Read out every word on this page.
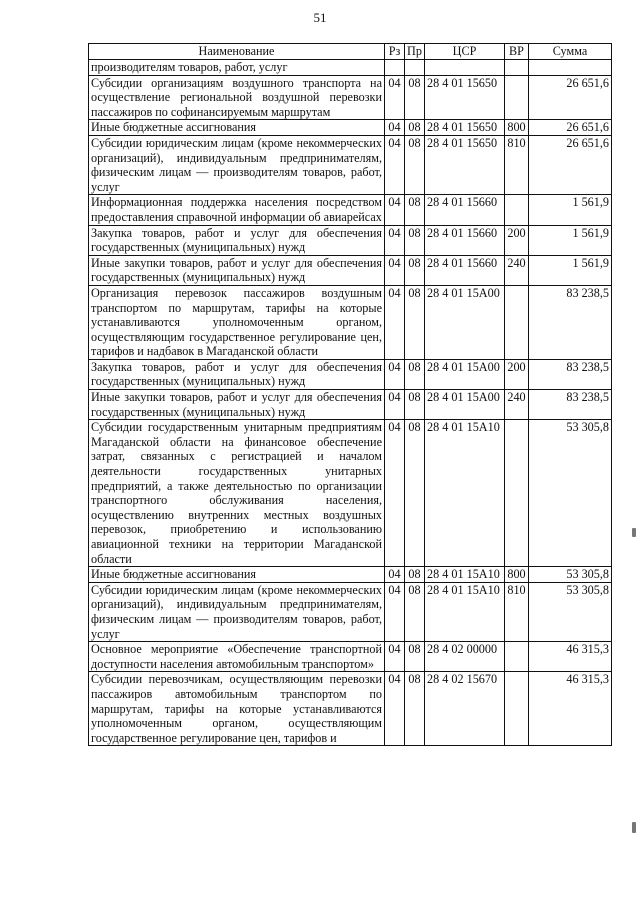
51
Наименование	Рз	Пр	ЦСР	ВР	Сумма
производителям товаров, работ, услуг					
Субсидии организациям воздушного транспорта на осуществление региональной воздушной перевозки пассажиров по софинансируемым маршрутам	04	08	28 4 01 15650		26 651,6
Иные бюджетные ассигнования	04	08	28 4 01 15650	800	26 651,6
Субсидии юридическим лицам (кроме некоммерческих организаций), индивидуальным предпринимателям, физическим лицам — производителям товаров, работ, услуг	04	08	28 4 01 15650	810	26 651,6
Информационная поддержка населения посредством предоставления справочной информации об авиарейсах	04	08	28 4 01 15660		1 561,9
Закупка товаров, работ и услуг для обеспечения государственных (муниципальных) нужд	04	08	28 4 01 15660	200	1 561,9
Иные закупки товаров, работ и услуг для обеспечения государственных (муниципальных) нужд	04	08	28 4 01 15660	240	1 561,9
Организация перевозок пассажиров воздушным транспортом по маршрутам, тарифы на которые устанавливаются уполномоченным органом, осуществляющим государственное регулирование цен, тарифов и надбавок в Магаданской области	04	08	28 4 01 15А00		83 238,5
Закупка товаров, работ и услуг для обеспечения государственных (муниципальных) нужд	04	08	28 4 01 15А00	200	83 238,5
Иные закупки товаров, работ и услуг для обеспечения государственных (муниципальных) нужд	04	08	28 4 01 15А00	240	83 238,5
Субсидии государственным унитарным предприятиям Магаданской области на финансовое обеспечение затрат, связанных с регистрацией и началом деятельности государственных унитарных предприятий, а также деятельностью по организации транспортного обслуживания населения, осуществлению внутренних местных воздушных перевозок, приобретению и использованию авиационной техники на территории Магаданской области	04	08	28 4 01 15А10		53 305,8
Иные бюджетные ассигнования	04	08	28 4 01 15А10	800	53 305,8
Субсидии юридическим лицам (кроме некоммерческих организаций), индивидуальным предпринимателям, физическим лицам — производителям товаров, работ, услуг	04	08	28 4 01 15А10	810	53 305,8
Основное мероприятие «Обеспечение транспортной доступности населения автомобильным транспортом»	04	08	28 4 02 00000		46 315,3
Субсидии перевозчикам, осуществляющим перевозки пассажиров автомобильным транспортом по маршрутам, тарифы на которые устанавливаются уполномоченным органом, осуществляющим государственное регулирование цен, тарифов и	04	08	28 4 02 15670		46 315,3
